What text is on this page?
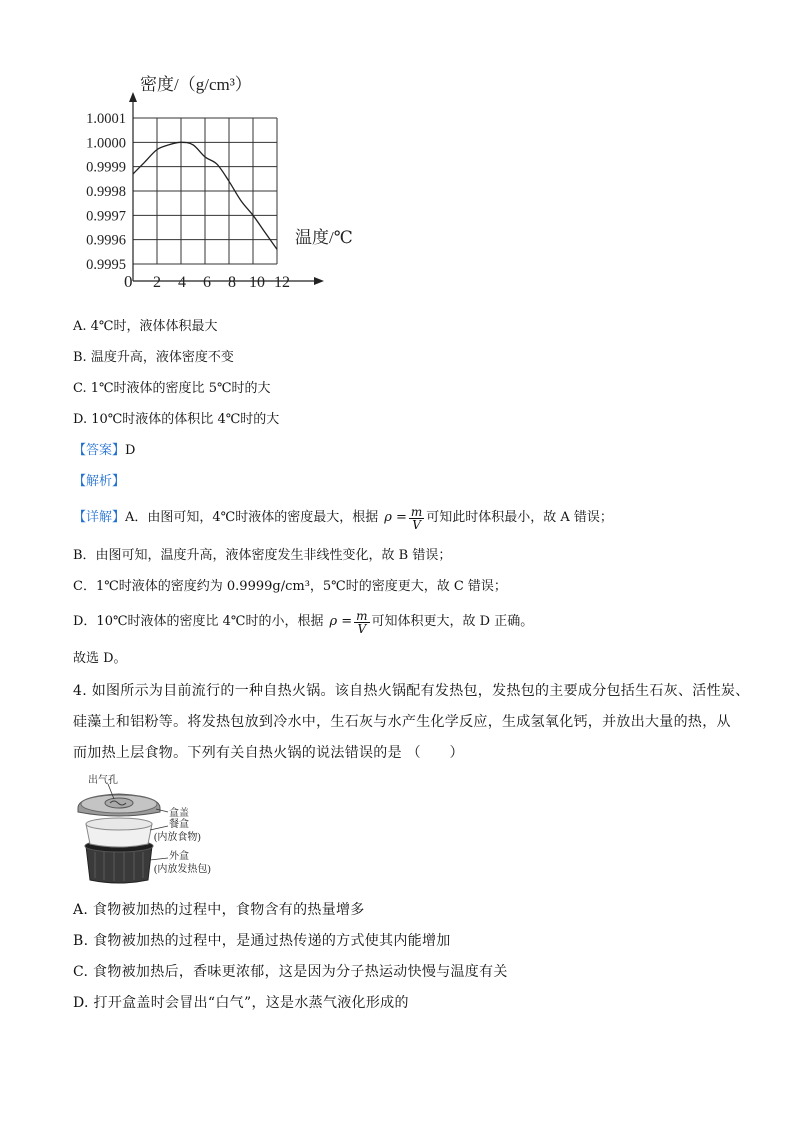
1.0001
1.0000
0.9999
0.9998
0.9997
0.9996
0.9995
2 4 6 8 10 12
密度/（g/cm³）
温度/℃
0
A. 4℃时，液体体积最大
B. 温度升高，液体密度不变
C. 1℃时液体的密度比 5℃时的大
D. 10℃时液体的体积比 4℃时的大
【答案】D
【解析】
【详解】 A．由图可知，4℃时液体的密度最大，根据 $\rho = \frac{m}{V}$ 可知此时体积最小，故 A 错误；
B．由图可知，温度升高，液体密度发生非线性变化，故 B 错误；
C．1℃时液体的密度约为 0.9999g/cm³，5℃时的密度更大，故 C 错误；
D．10℃时液体的密度比 4℃时的小，根据 $\rho = \frac{m}{V}$ 可知体积更大，故 D 正确。
故选 D。
4. 如图所示为目前流行的一种自热火锅。该自热火锅配有发热包，发热包的主要成分包括生石灰、活性炭、
硅藻土和铝粉等。将发热包放到冷水中，生石灰与水产生化学反应，生成氢氧化钙，并放出大量的热，从
而加热上层食物。下列有关自热火锅的说法错误的是 （　　）
出气孔
盒盖
餐盒
(内放食物)
外盒
(内放发热包)
A. 食物被加热的过程中，食物含有的热量增多
B. 食物被加热的过程中，是通过热传递的方式使其内能增加
C. 食物被加热后，香味更浓郁，这是因为分子热运动快慢与温度有关
D. 打开盒盖时会冒出“白气”，这是水蒸气液化形成的
